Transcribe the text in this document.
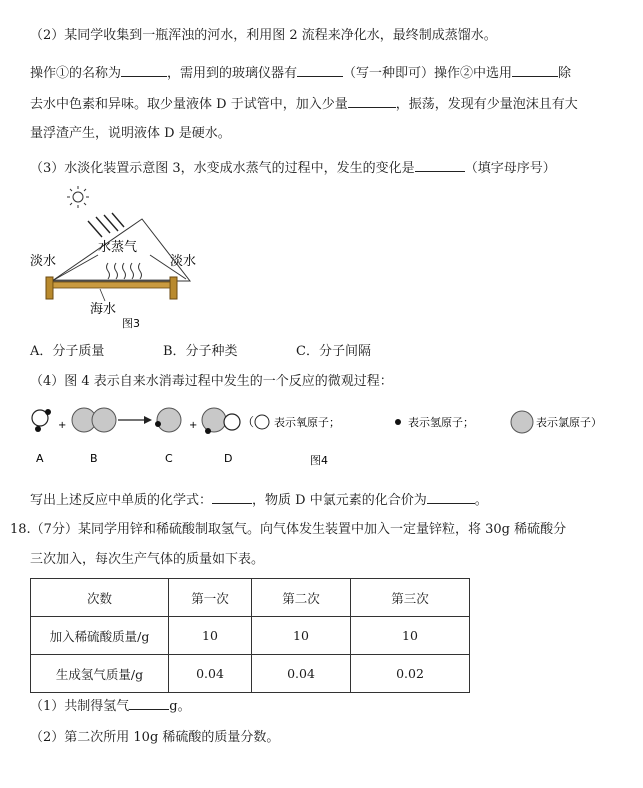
（2）某同学收集到一瓶浑浊的河水，利用图 2 流程来净化水，最终制成蒸馏水。
操作①的名称为	，需用到的玻璃仪器有	（写一种即可）操作②中选用	除
去水中色素和异味。取少量液体 D 于试管中，加入少量	，振荡，发现有少量泡沫且有大
量浮渣产生，说明液体 D 是硬水。
（3）水淡化装置示意图 3，水变成水蒸气的过程中，发生的变化是	（填字母序号）
淡水
水蒸气
淡水
海水
图3
A．分子质量	B．分子种类	C．分子间隔
（4）图 4 表示自来水消毒过程中发生的一个反应的微观过程：
+	+	（ 表示氧原子；	表示氢原子；	表示氯原子）
A	B	C	D	图4
写出上述反应中单质的化学式：	，物质 D 中氯元素的化合价为	。
18.（7分）某同学用锌和稀硫酸制取氢气。向气体发生装置中加入一定量锌粒，将 30g 稀硫酸分
三次加入，每次生产气体的质量如下表。
次数	第一次	第二次	第三次
加入稀硫酸质量/g	10	10	10
生成氢气质量/g	0.04	0.04	0.02
（1）共制得氢气	g。
（2）第二次所用 10g 稀硫酸的质量分数。
